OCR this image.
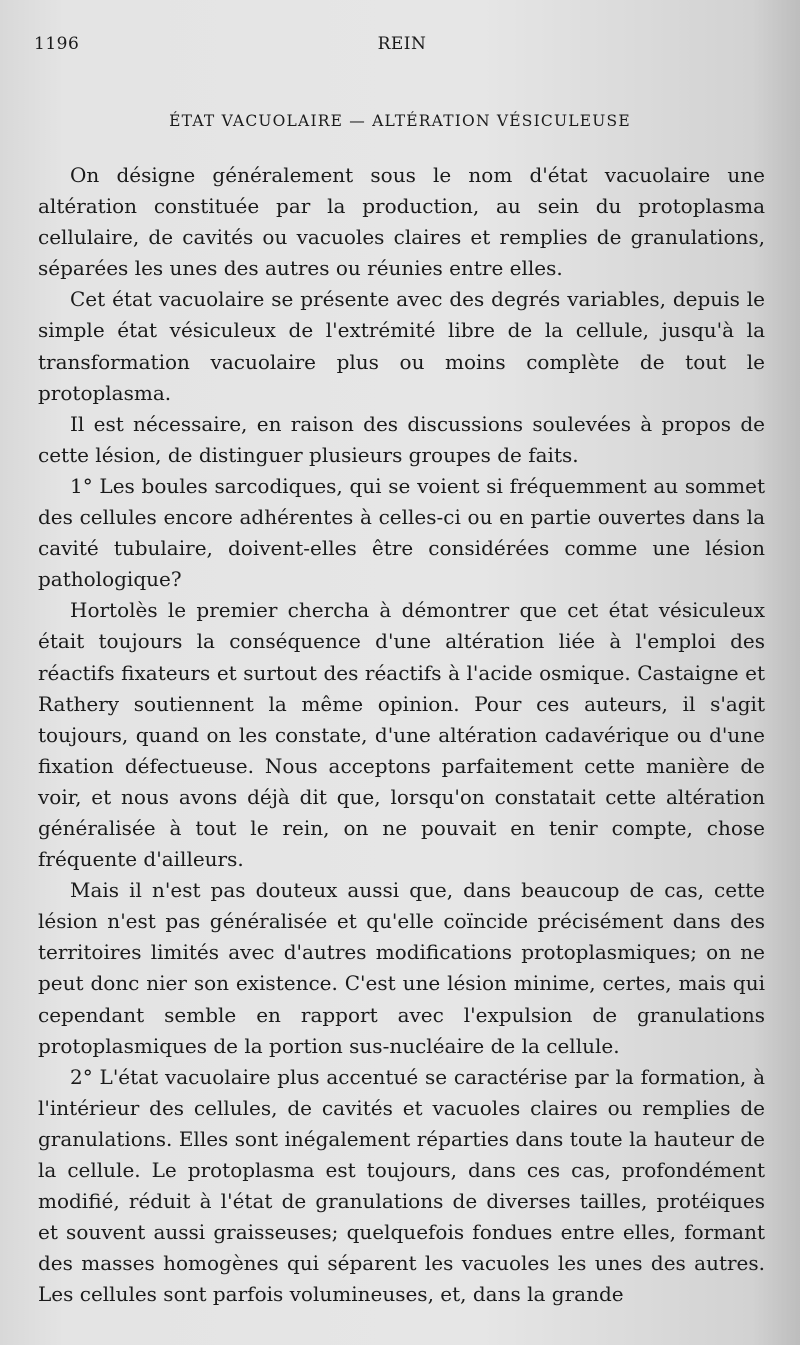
1196	REIN
ÉTAT VACUOLAIRE — ALTÉRATION VÉSICULEUSE

On désigne généralement sous le nom d'état vacuolaire une altération constituée par la production, au sein du protoplasma cellulaire, de cavités ou vacuoles claires et remplies de granulations, séparées les unes des autres ou réunies entre elles.

Cet état vacuolaire se présente avec des degrés variables, depuis le simple état vésiculeux de l'extrémité libre de la cellule, jusqu'à la transformation vacuolaire plus ou moins complète de tout le protoplasma.

Il est nécessaire, en raison des discussions soulevées à propos de cette lésion, de distinguer plusieurs groupes de faits.

1° Les boules sarcodiques, qui se voient si fréquemment au sommet des cellules encore adhérentes à celles-ci ou en partie ouvertes dans la cavité tubulaire, doivent-elles être considérées comme une lésion pathologique?

Hortolès le premier chercha à démontrer que cet état vésiculeux était toujours la conséquence d'une altération liée à l'emploi des réactifs fixateurs et surtout des réactifs à l'acide osmique. Castaigne et Rathery soutiennent la même opinion. Pour ces auteurs, il s'agit toujours, quand on les constate, d'une altération cadavérique ou d'une fixation défectueuse. Nous acceptons parfaitement cette manière de voir, et nous avons déjà dit que, lorsqu'on constatait cette altération généralisée à tout le rein, on ne pouvait en tenir compte, chose fréquente d'ailleurs.

Mais il n'est pas douteux aussi que, dans beaucoup de cas, cette lésion n'est pas généralisée et qu'elle coïncide précisément dans des territoires limités avec d'autres modifications protoplasmiques; on ne peut donc nier son existence. C'est une lésion minime, certes, mais qui cependant semble en rapport avec l'expulsion de granulations protoplasmiques de la portion sus-nucléaire de la cellule.

2° L'état vacuolaire plus accentué se caractérise par la formation, à l'intérieur des cellules, de cavités et vacuoles claires ou remplies de granulations. Elles sont inégalement réparties dans toute la hauteur de la cellule. Le protoplasma est toujours, dans ces cas, profondément modifié, réduit à l'état de granulations de diverses tailles, protéiques et souvent aussi graisseuses; quelquefois fondues entre elles, formant des masses homogènes qui séparent les vacuoles les unes des autres. Les cellules sont parfois volumineuses, et, dans la grande
